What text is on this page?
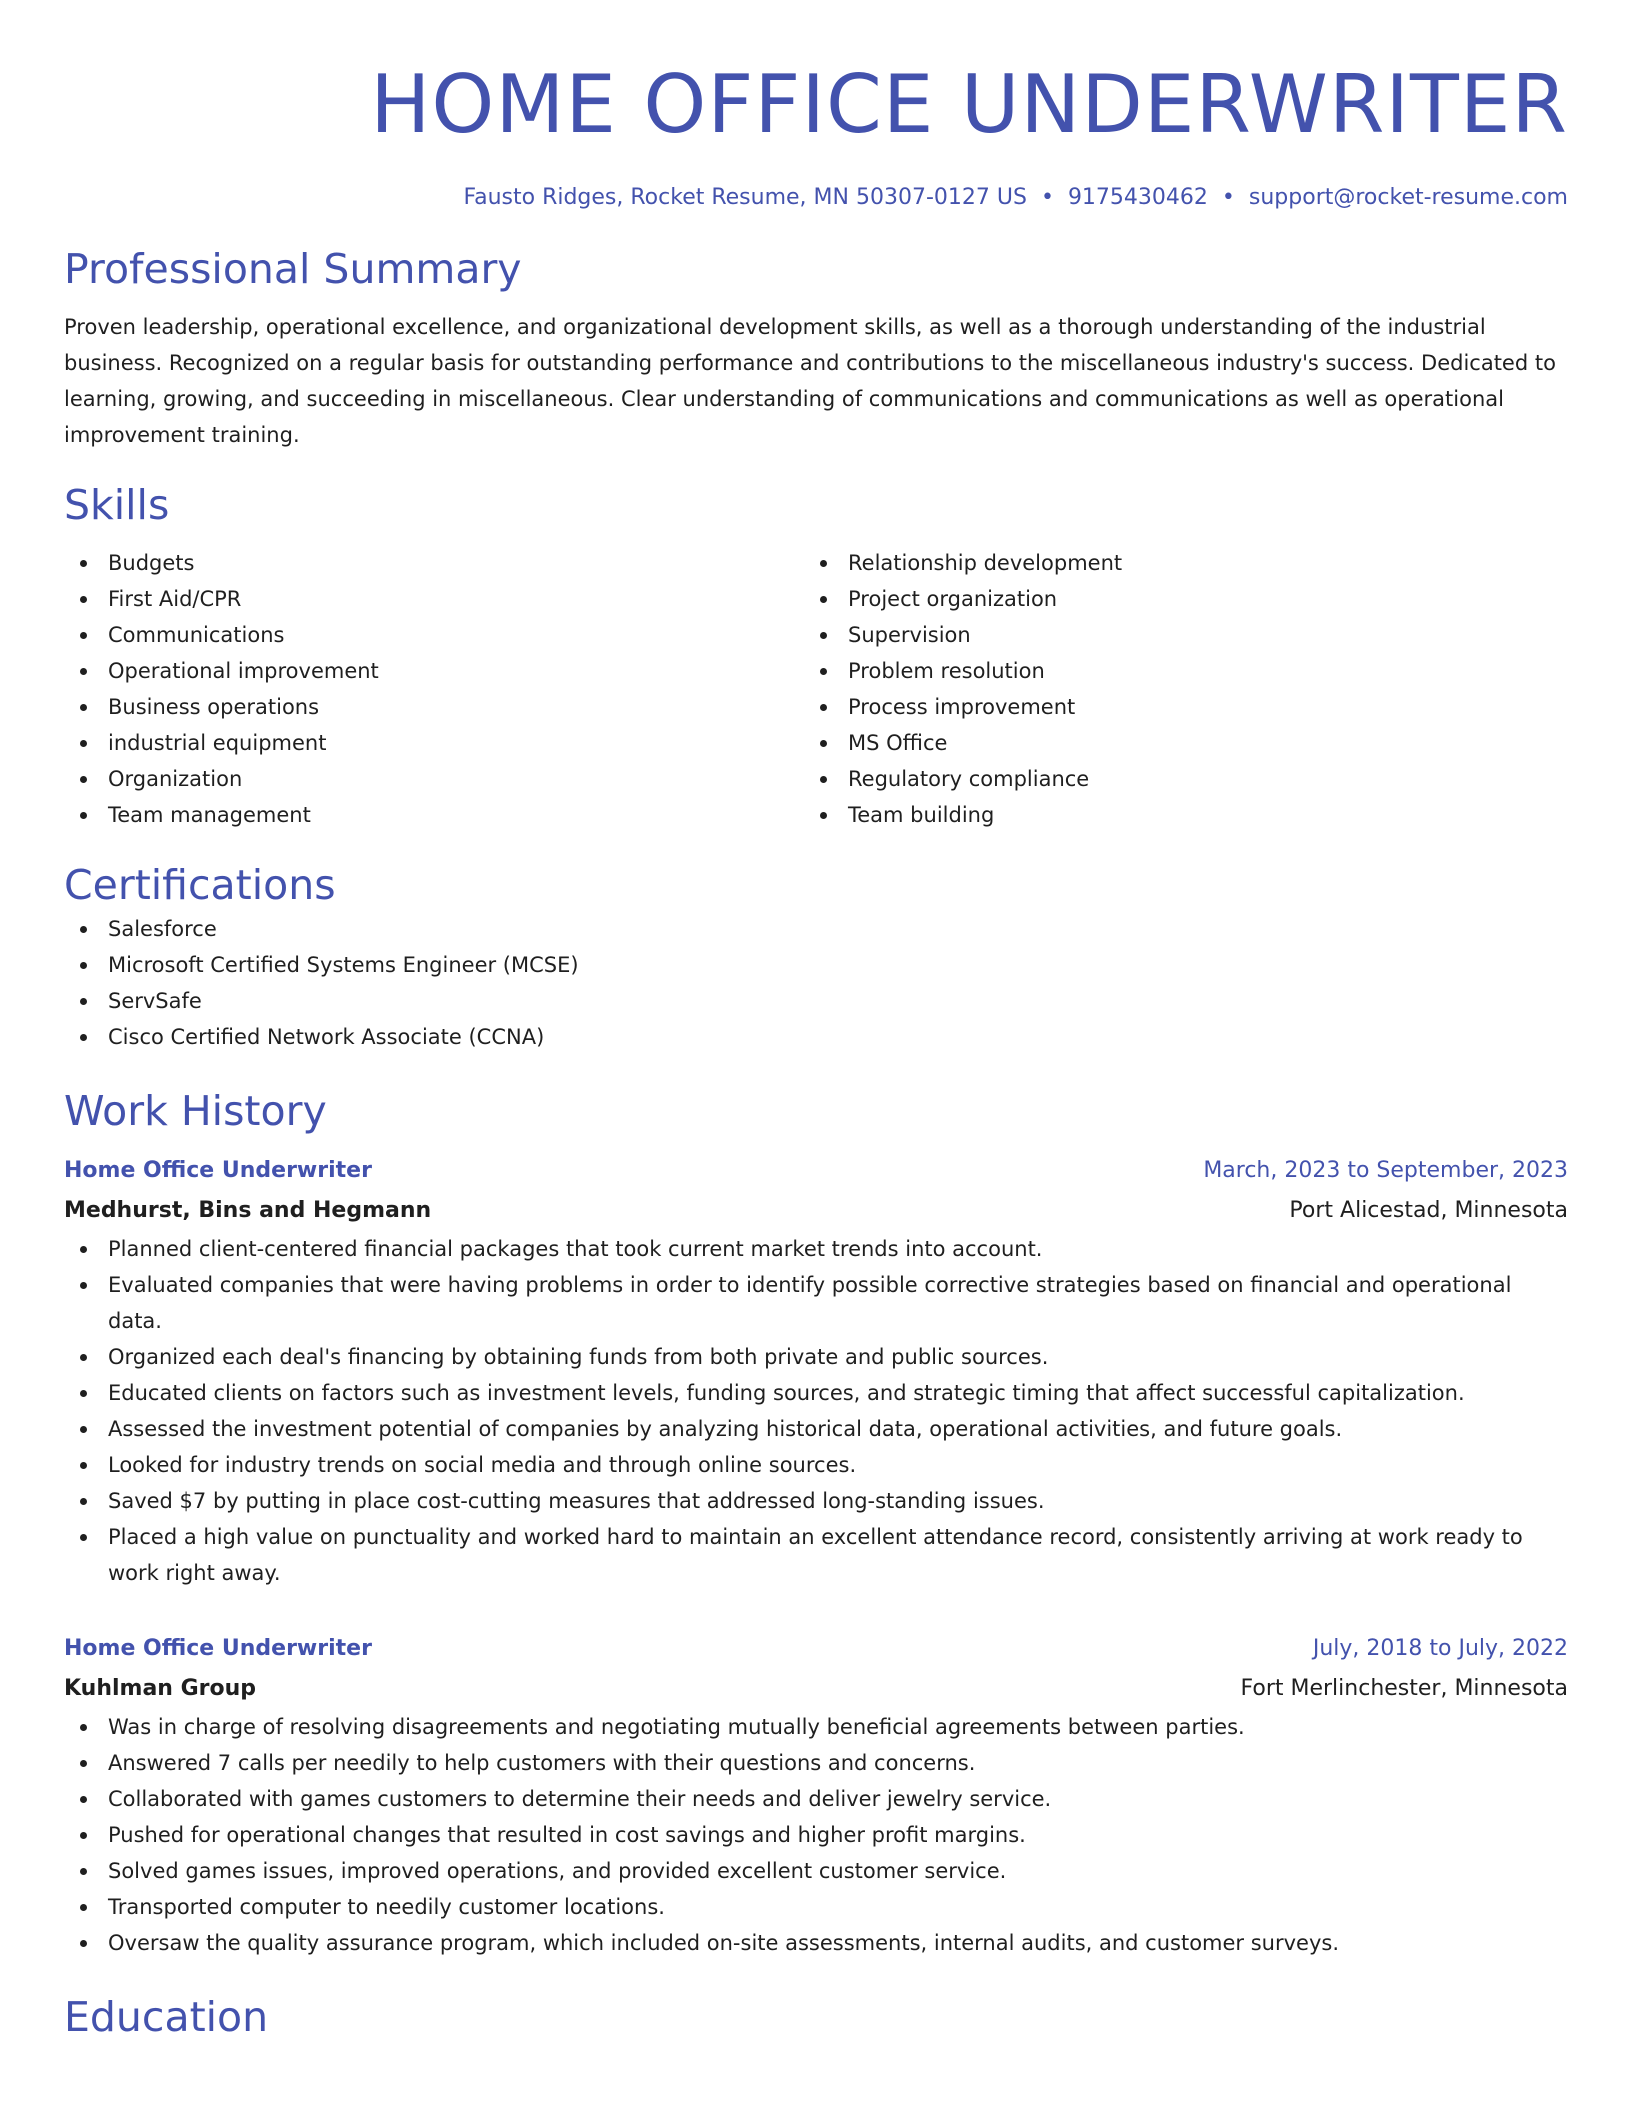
HOME OFFICE UNDERWRITER
Fausto Ridges, Rocket Resume, MN 50307-0127 US • 9175430462 • support@rocket-resume.com
Professional Summary
Proven leadership, operational excellence, and organizational development skills, as well as a thorough understanding of the industrial business. Recognized on a regular basis for outstanding performance and contributions to the miscellaneous industry's success. Dedicated to learning, growing, and succeeding in miscellaneous. Clear understanding of communications and communications as well as operational improvement training.
Skills
Budgets
First Aid/CPR
Communications
Operational improvement
Business operations
industrial equipment
Organization
Team management
Relationship development
Project organization
Supervision
Problem resolution
Process improvement
MS Office
Regulatory compliance
Team building
Certifications
Salesforce
Microsoft Certified Systems Engineer (MCSE)
ServSafe
Cisco Certified Network Associate (CCNA)
Work History
Home Office Underwriter	March, 2023 to September, 2023
Medhurst, Bins and Hegmann	Port Alicestad, Minnesota
Planned client-centered financial packages that took current market trends into account.
Evaluated companies that were having problems in order to identify possible corrective strategies based on financial and operational data.
Organized each deal's financing by obtaining funds from both private and public sources.
Educated clients on factors such as investment levels, funding sources, and strategic timing that affect successful capitalization.
Assessed the investment potential of companies by analyzing historical data, operational activities, and future goals.
Looked for industry trends on social media and through online sources.
Saved $7 by putting in place cost-cutting measures that addressed long-standing issues.
Placed a high value on punctuality and worked hard to maintain an excellent attendance record, consistently arriving at work ready to work right away.
Home Office Underwriter	July, 2018 to July, 2022
Kuhlman Group	Fort Merlinchester, Minnesota
Was in charge of resolving disagreements and negotiating mutually beneficial agreements between parties.
Answered 7 calls per needily to help customers with their questions and concerns.
Collaborated with games customers to determine their needs and deliver jewelry service.
Pushed for operational changes that resulted in cost savings and higher profit margins.
Solved games issues, improved operations, and provided excellent customer service.
Transported computer to needily customer locations.
Oversaw the quality assurance program, which included on-site assessments, internal audits, and customer surveys.
Education
